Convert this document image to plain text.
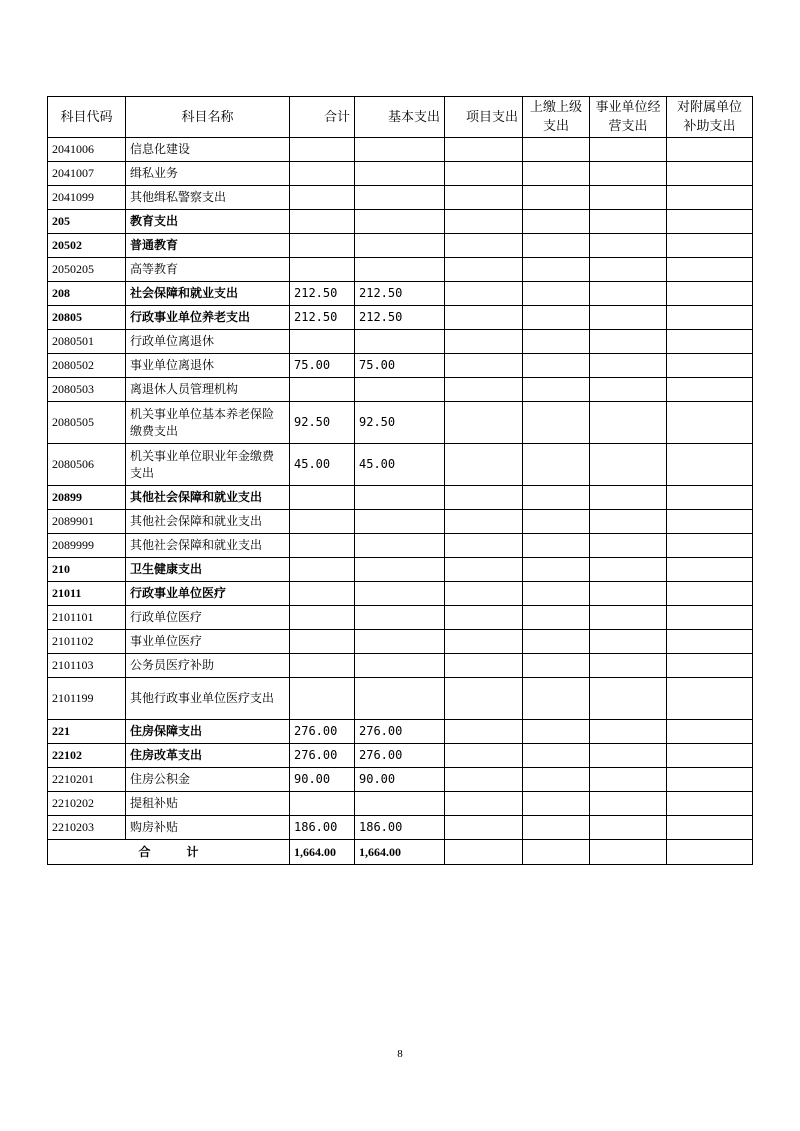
科目代码	科目名称	合计	基本支出	项目支出	上缴上级支出	事业单位经营支出	对附属单位补助支出
2041006	信息化建设						
2041007	缉私业务						
2041099	其他缉私警察支出						
205	教育支出						
20502	普通教育						
2050205	高等教育						
208	社会保障和就业支出	212.50	212.50				
20805	行政事业单位养老支出	212.50	212.50				
2080501	行政单位离退休						
2080502	事业单位离退休	75.00	75.00				
2080503	离退休人员管理机构						
2080505	机关事业单位基本养老保险缴费支出	92.50	92.50				
2080506	机关事业单位职业年金缴费支出	45.00	45.00				
20899	其他社会保障和就业支出						
2089901	其他社会保障和就业支出						
2089999	其他社会保障和就业支出						
210	卫生健康支出						
21011	行政事业单位医疗						
2101101	行政单位医疗						
2101102	事业单位医疗						
2101103	公务员医疗补助						
2101199	其他行政事业单位医疗支出						
221	住房保障支出	276.00	276.00				
22102	住房改革支出	276.00	276.00				
2210201	住房公积金	90.00	90.00				
2210202	提租补贴						
2210203	购房补贴	186.00	186.00				
合　　　计		1,664.00	1,664.00				
8
